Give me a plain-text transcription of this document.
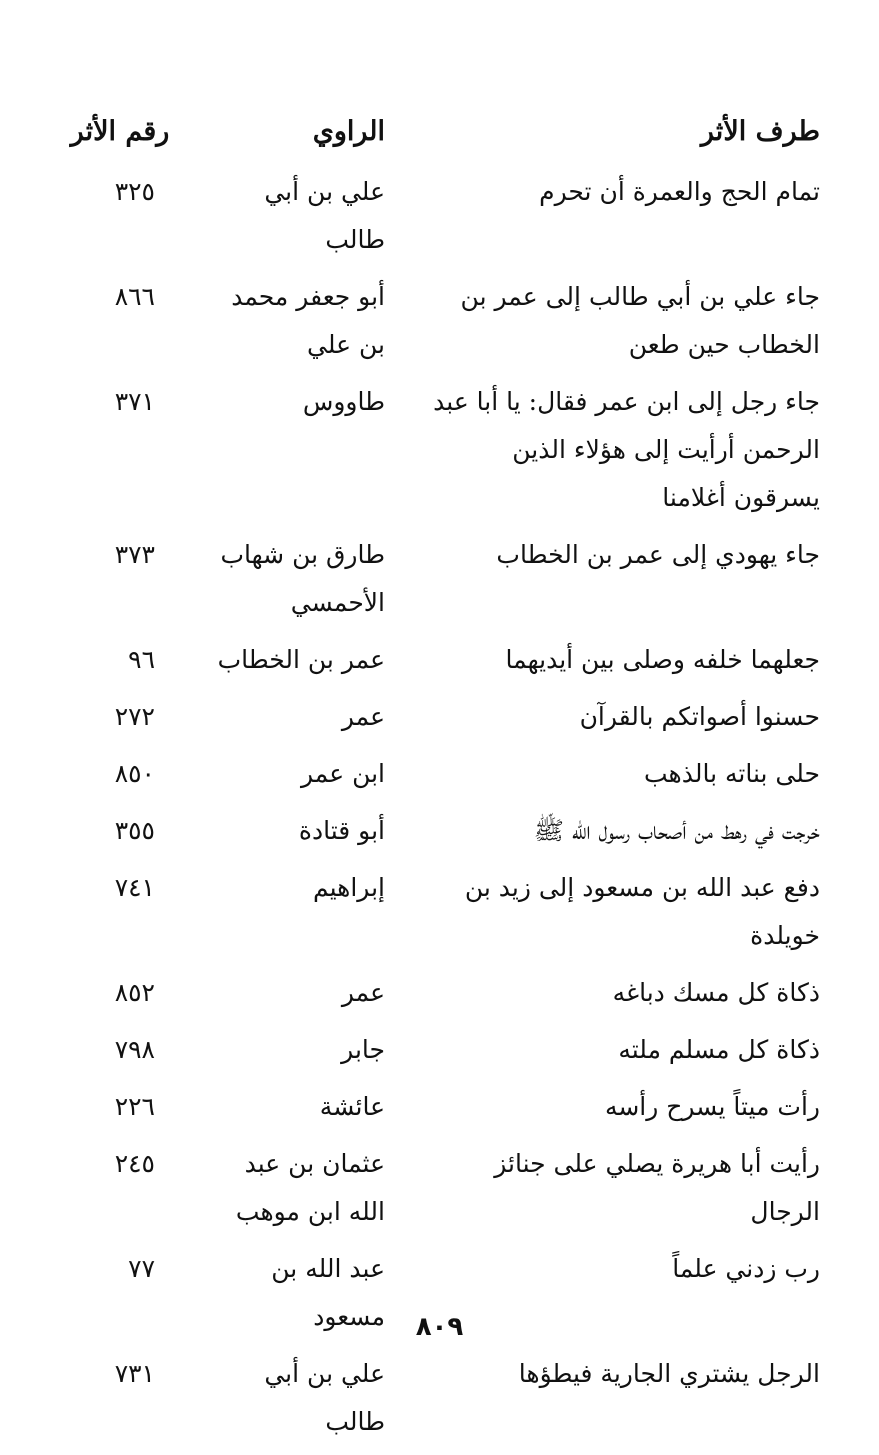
طرف الأثر
الراوي
رقم الأثر
تمام الحج والعمرة أن تحرم
علي بن أبي طالب
٣٢٥
جاء علي بن أبي طالب إلى عمر بن الخطاب حين طعن
أبو جعفر محمد بن علي
٨٦٦
جاء رجل إلى ابن عمر فقال: يا أبا عبد الرحمن أرأيت إلى هؤلاء الذين يسرقون أغلامنا
طاووس
٣٧١
جاء يهودي إلى عمر بن الخطاب
طارق بن شهاب الأحمسي
٣٧٣
جعلهما خلفه وصلى بين أيديهما
عمر بن الخطاب
٩٦
حسنوا أصواتكم بالقرآن
عمر
٢٧٢
حلى بناته بالذهب
ابن عمر
٨٥٠
خرجت في رهط من أصحاب رسول الله ﷺ
أبو قتادة
٣٥٥
دفع عبد الله بن مسعود إلى زيد بن خويلدة
إبراهيم
٧٤١
ذكاة كل مسك دباغه
عمر
٨٥٢
ذكاة كل مسلم ملته
جابر
٧٩٨
رأت ميتاً يسرح رأسه
عائشة
٢٢٦
رأيت أبا هريرة يصلي على جنائز الرجال
عثمان بن عبد الله ابن موهب
٢٤٥
رب زدني علماً
عبد الله بن مسعود
٧٧
الرجل يشتري الجارية فيطؤها
علي بن أبي طالب
٧٣١
٨٠٩
